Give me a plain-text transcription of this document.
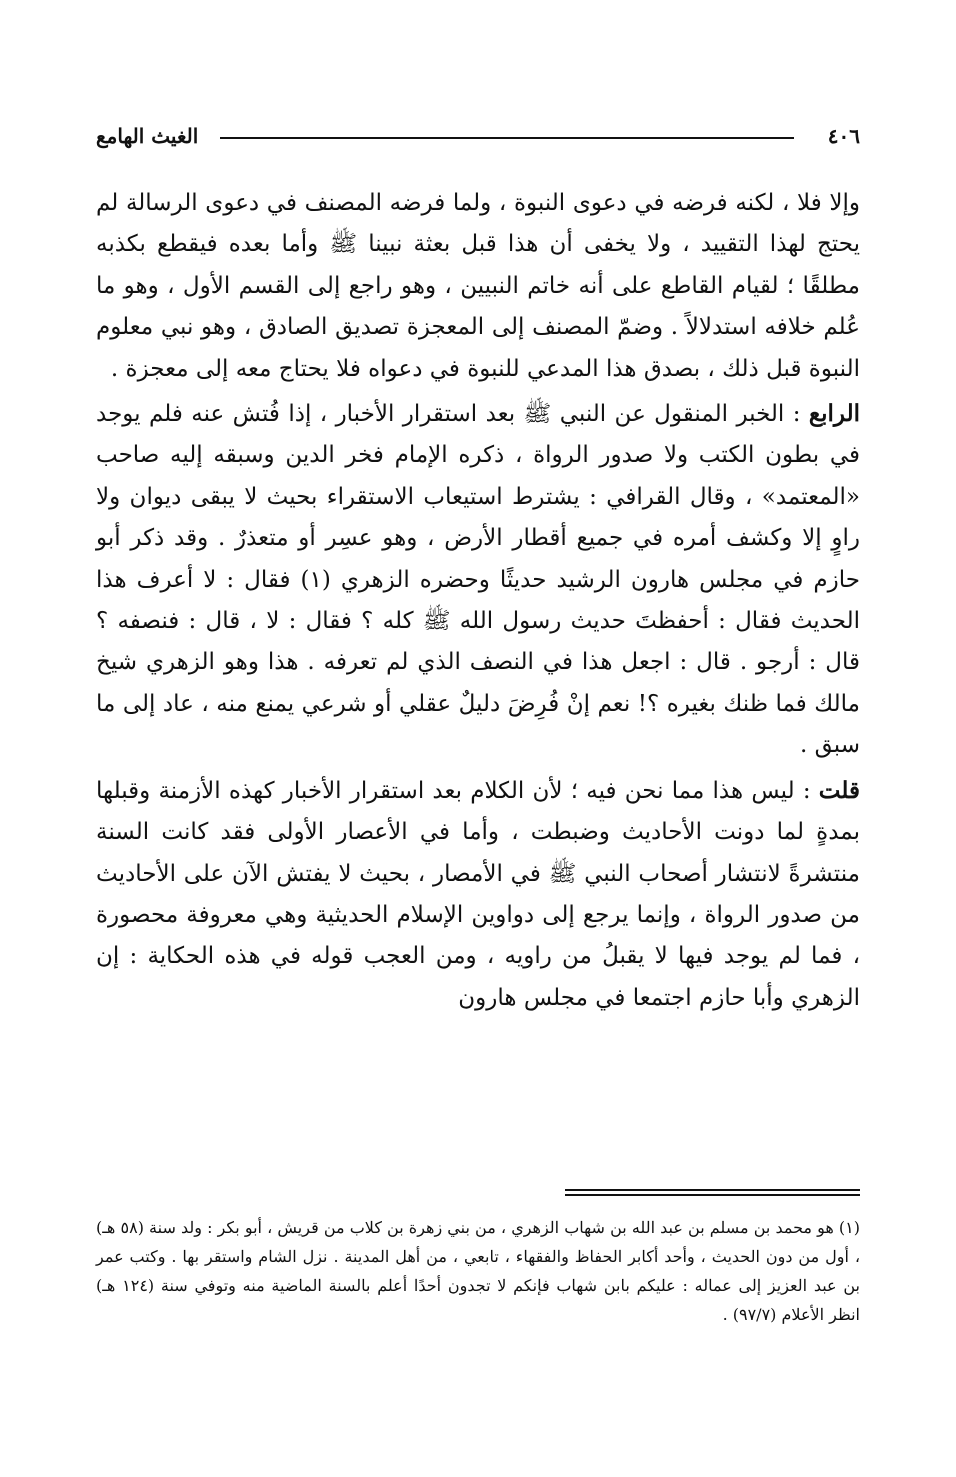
الغيث الهامع	٤٠٦

وإلا فلا ، لكنه فرضه في دعوى النبوة ، ولما فرضه المصنف في دعوى الرسالة لم يحتج لهذا التقييد ، ولا يخفى أن هذا قبل بعثة نبينا ﷺ وأما بعده فيقطع بكذبه مطلقًا ؛ لقيام القاطع على أنه خاتم النبيين ، وهو راجع إلى القسم الأول ، وهو ما عُلم خلافه استدلالاً . وضمّ المصنف إلى المعجزة تصديق الصادق ، وهو نبي معلوم النبوة قبل ذلك ، بصدق هذا المدعي للنبوة في دعواه فلا يحتاج معه إلى معجزة .

الرابع : الخبر المنقول عن النبي ﷺ بعد استقرار الأخبار ، إذا فُتش عنه فلم يوجد في بطون الكتب ولا صدور الرواة ، ذكره الإمام فخر الدين وسبقه إليه صاحب «المعتمد» ، وقال القرافي : يشترط استيعاب الاستقراء بحيث لا يبقى ديوان ولا راوٍ إلا وكشف أمره في جميع أقطار الأرض ، وهو عسِر أو متعذرٌ . وقد ذكر أبو حازم في مجلس هارون الرشيد حديثًا وحضره الزهري (١) فقال : لا أعرف هذا الحديث فقال : أحفظتَ حديث رسول الله ﷺ كله ؟ فقال : لا ، قال : فنصفه ؟ قال : أرجو . قال : اجعل هذا في النصف الذي لم تعرفه . هذا وهو الزهري شيخ مالك فما ظنك بغيره ؟! نعم إنْ فُرِضَ دليلٌ عقلي أو شرعي يمنع منه ، عاد إلى ما سبق .

قلت : ليس هذا مما نحن فيه ؛ لأن الكلام بعد استقرار الأخبار كهذه الأزمنة وقبلها بمدةٍ لما دونت الأحاديث وضبطت ، وأما في الأعصار الأولى فقد كانت السنة منتشرةً لانتشار أصحاب النبي ﷺ في الأمصار ، بحيث لا يفتش الآن على الأحاديث من صدور الرواة ، وإنما يرجع إلى دواوين الإسلام الحديثية وهي معروفة محصورة ، فما لم يوجد فيها لا يقبلُ من راويه ، ومن العجب قوله في هذه الحكاية : إن الزهري وأبا حازم اجتمعا في مجلس هارون

(١) هو محمد بن مسلم بن عبد الله بن شهاب الزهري ، من بني زهرة بن كلاب من قريش ، أبو بكر : ولد سنة (٥٨ هـ) ، أول من دون الحديث ، وأحد أكابر الحفاظ والفقهاء ، تابعي ، من أهل المدينة . نزل الشام واستقر بها . وكتب عمر بن عبد العزيز إلى عماله : عليكم بابن شهاب فإنكم لا تجدون أحدًا أعلم بالسنة الماضية منه وتوفي سنة (١٢٤ هـ) انظر الأعلام (٩٧/٧) .
